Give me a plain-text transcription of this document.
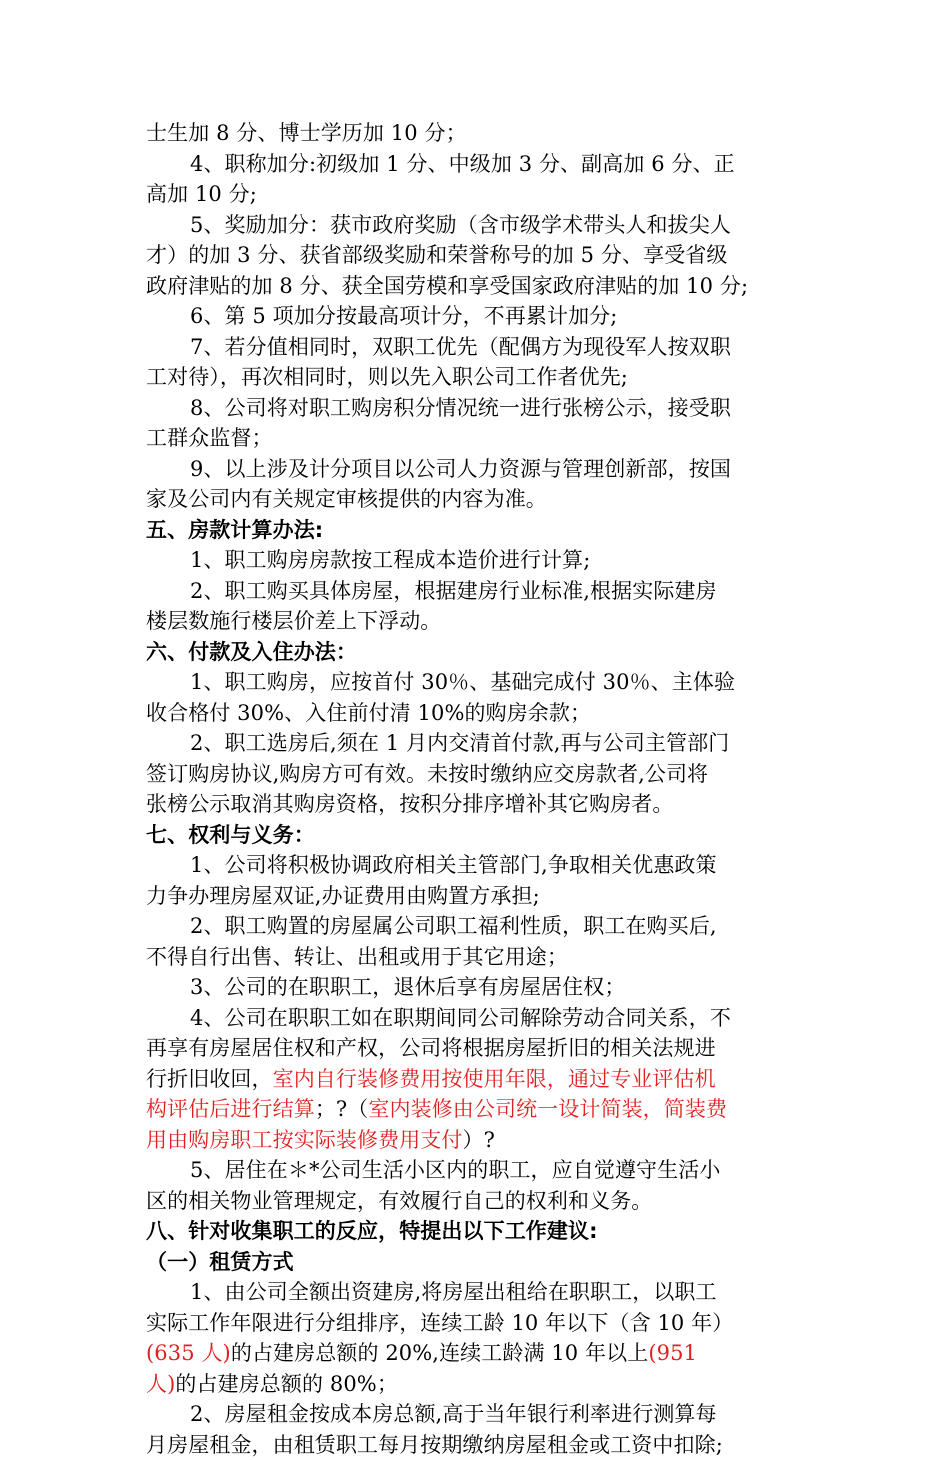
士生加 8 分、博士学历加 10 分；
4、职称加分:初级加 1 分、中级加 3 分、副高加 6 分、正
高加 10 分;
5、奖励加分：获市政府奖励（含市级学术带头人和拔尖人
才）的加 3 分、获省部级奖励和荣誉称号的加 5 分、享受省级
政府津贴的加 8 分、获全国劳模和享受国家政府津贴的加 10 分;
6、第 5 项加分按最高项计分，不再累计加分;
7、若分值相同时，双职工优先（配偶方为现役军人按双职
工对待），再次相同时，则以先入职公司工作者优先;
8、公司将对职工购房积分情况统一进行张榜公示，接受职
工群众监督；
9、以上涉及计分项目以公司人力资源与管理创新部，按国
家及公司内有关规定审核提供的内容为准。
五、房款计算办法:
1、职工购房房款按工程成本造价进行计算;
2、职工购买具体房屋，根据建房行业标准,根据实际建房
楼层数施行楼层价差上下浮动。
六、付款及入住办法：
1、职工购房，应按首付 30％、基础完成付 30％、主体验
收合格付 30%、入住前付清 10%的购房余款；
2、职工选房后,须在 1 月内交清首付款,再与公司主管部门
签订购房协议,购房方可有效。未按时缴纳应交房款者,公司将
张榜公示取消其购房资格，按积分排序增补其它购房者。
七、权利与义务：
1、公司将积极协调政府相关主管部门,争取相关优惠政策
力争办理房屋双证,办证费用由购置方承担;
2、职工购置的房屋属公司职工福利性质，职工在购买后,
不得自行出售、转让、出租或用于其它用途；
3、公司的在职职工，退休后享有房屋居住权；
4、公司在职职工如在职期间同公司解除劳动合同关系，不
再享有房屋居住权和产权，公司将根据房屋折旧的相关法规进
行折旧收回，室内自行装修费用按使用年限，通过专业评估机
构评估后进行结算；?（室内装修由公司统一设计简装，简装费
用由购房职工按实际装修费用支付）?
5、居住在＊*公司生活小区内的职工，应自觉遵守生活小
区的相关物业管理规定，有效履行自己的权利和义务。
八、针对收集职工的反应，特提出以下工作建议:
（一）租赁方式
1、由公司全额出资建房,将房屋出租给在职职工，以职工
实际工作年限进行分组排序，连续工龄 10 年以下（含 10 年）
(635 人)的占建房总额的 20%,连续工龄满 10 年以上(951
人)的占建房总额的 80%；
2、房屋租金按成本房总额,高于当年银行利率进行测算每
月房屋租金，由租赁职工每月按期缴纳房屋租金或工资中扣除;
